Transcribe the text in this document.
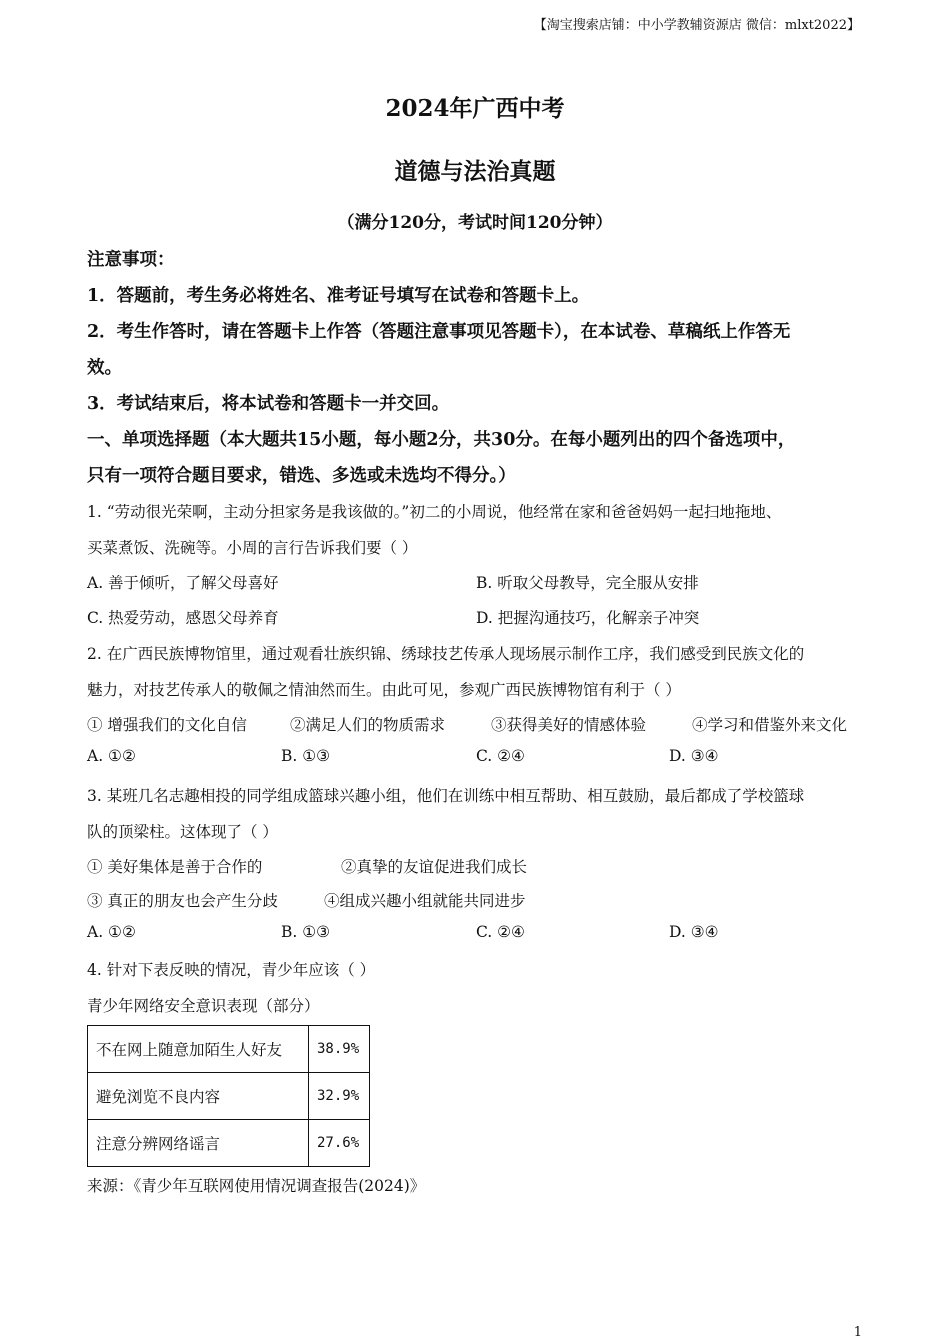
【淘宝搜索店铺：中小学教辅资源店 微信：mlxt2022】
2024年广西中考
道德与法治真题
（满分120分，考试时间120分钟）
注意事项：
1．答题前，考生务必将姓名、准考证号填写在试卷和答题卡上。
2．考生作答时，请在答题卡上作答（答题注意事项见答题卡），在本试卷、草稿纸上作答无
效。
3．考试结束后，将本试卷和答题卡一并交回。
一、单项选择题（本大题共15小题，每小题2分，共30分。在每小题列出的四个备选项中，
只有一项符合题目要求，错选、多选或未选均不得分。）
1. “劳动很光荣啊，主动分担家务是我该做的。”初二的小周说，他经常在家和爸爸妈妈一起扫地拖地、
买菜煮饭、洗碗等。小周的言行告诉我们要（ ）
A. 善于倾听，了解父母喜好	B. 听取父母教导，完全服从安排
C. 热爱劳动，感恩父母养育	D. 把握沟通技巧，化解亲子冲突
2. 在广西民族博物馆里，通过观看壮族织锦、绣球技艺传承人现场展示制作工序，我们感受到民族文化的
魅力，对技艺传承人的敬佩之情油然而生。由此可见，参观广西民族博物馆有利于（ ）
① 增强我们的文化自信	②满足人们的物质需求	③获得美好的情感体验	④学习和借鉴外来文化
A. ①②	B. ①③	C. ②④	D. ③④
3. 某班几名志趣相投的同学组成篮球兴趣小组，他们在训练中相互帮助、相互鼓励，最后都成了学校篮球
队的顶梁柱。这体现了（ ）
① 美好集体是善于合作的	②真挚的友谊促进我们成长
③ 真正的朋友也会产生分歧	④组成兴趣小组就能共同进步
A. ①②	B. ①③	C. ②④	D. ③④
4. 针对下表反映的情况，青少年应该（ ）
青少年网络安全意识表现（部分）
不在网上随意加陌生人好友	38.9%
避免浏览不良内容	32.9%
注意分辨网络谣言	27.6%
来源：《青少年互联网使用情况调查报告(2024)》
1
